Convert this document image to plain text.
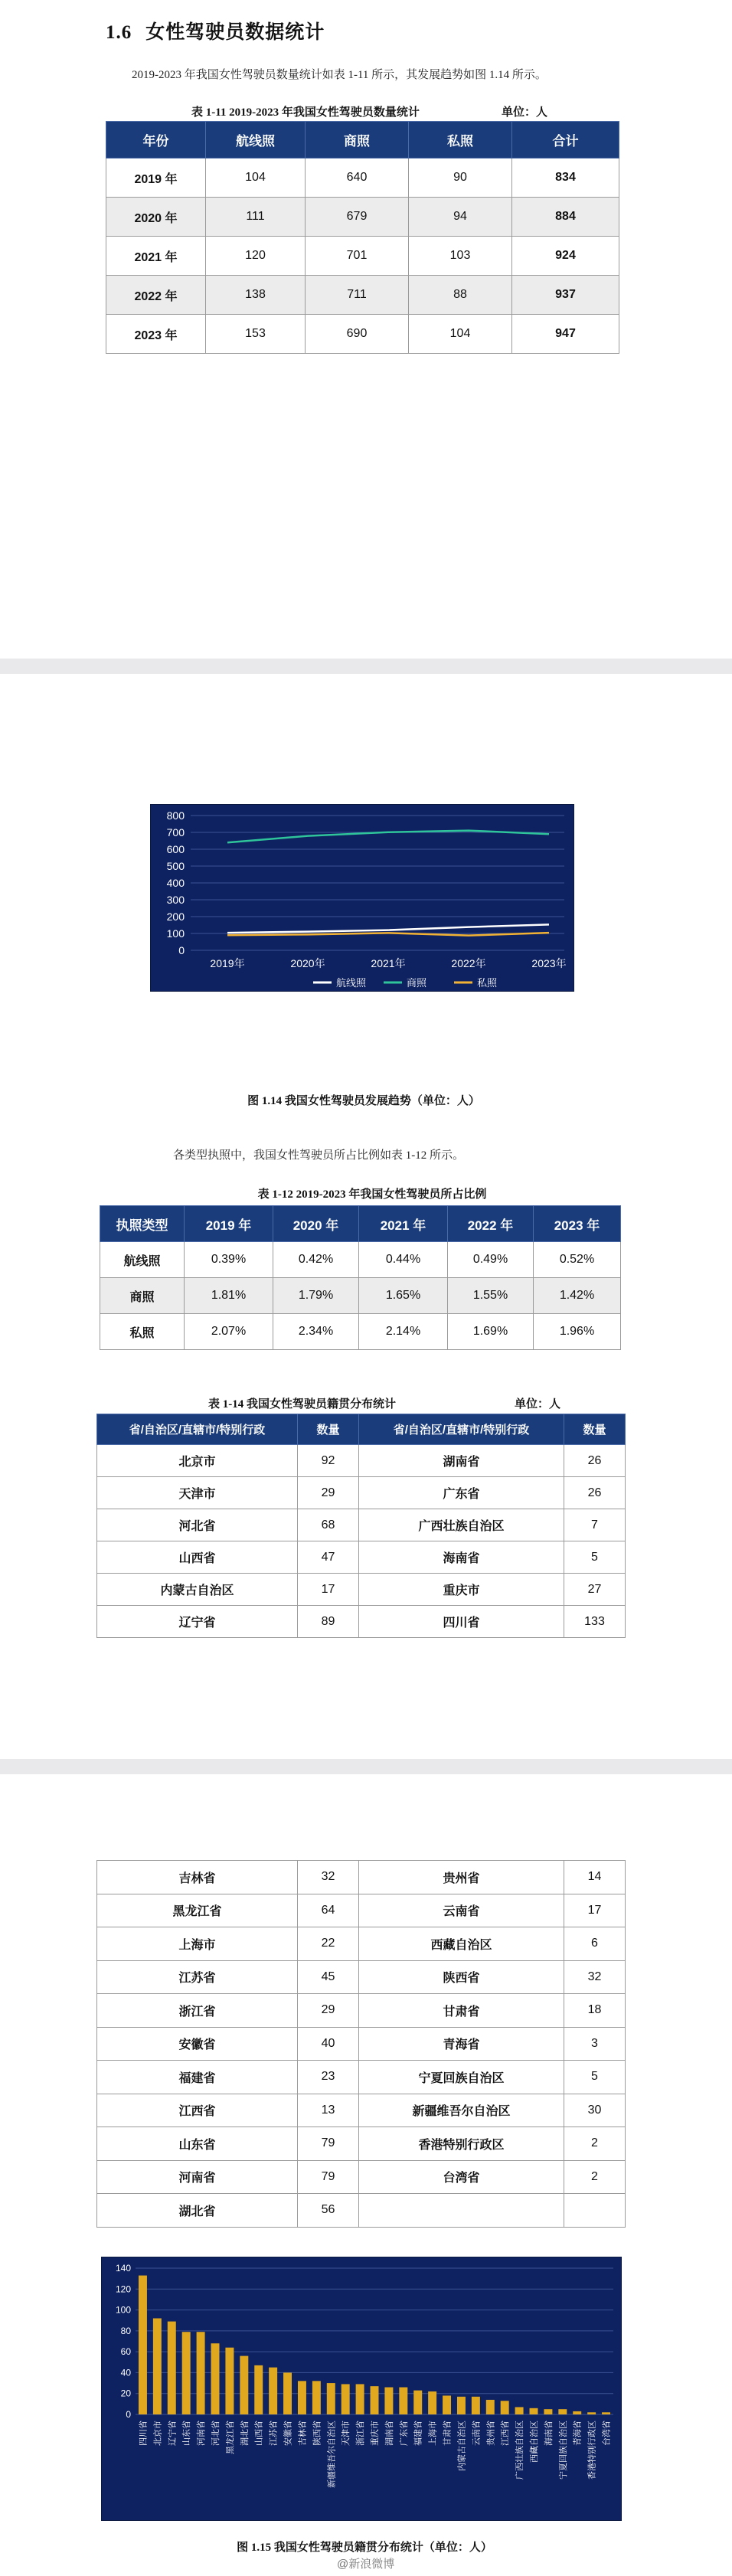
1.6 女性驾驶员数据统计

2019-2023 年我国女性驾驶员数量统计如表 1-11 所示，其发展趋势如图 1.14 所示。

表 1-11 2019-2023 年我国女性驾驶员数量统计	单位：人
年份	航线照	商照	私照	合计
2019 年	104	640	90	834
2020 年	111	679	94	884
2021 年	120	701	103	924
2022 年	138	711	88	937
2023 年	153	690	104	947
0
100
200
300
400
500
600
700
800
2019年	2020年	2021年	2022年	2023年
航线照	商照	私照
图 1.14 我国女性驾驶员发展趋势（单位：人）

各类型执照中，我国女性驾驶员所占比例如表 1-12 所示。

表 1-12 2019-2023 年我国女性驾驶员所占比例
执照类型	2019 年	2020 年	2021 年	2022 年	2023 年
航线照	0.39%	0.42%	0.44%	0.49%	0.52%
商照	1.81%	1.79%	1.65%	1.55%	1.42%
私照	2.07%	2.34%	2.14%	1.69%	1.96%
表 1-14 我国女性驾驶员籍贯分布统计	单位：人
省/自治区/直辖市/特别行政	数量	省/自治区/直辖市/特别行政	数量
北京市	92	湖南省	26
天津市	29	广东省	26
河北省	68	广西壮族自治区	7
山西省	47	海南省	5
内蒙古自治区	17	重庆市	27
辽宁省	89	四川省	133
吉林省	32	贵州省	14
黑龙江省	64	云南省	17
上海市	22	西藏自治区	6
江苏省	45	陕西省	32
浙江省	29	甘肃省	18
安徽省	40	青海省	3
福建省	23	宁夏回族自治区	5
江西省	13	新疆维吾尔自治区	30
山东省	79	香港特别行政区	2
河南省	79	台湾省	2
湖北省	56		
0
20
40
60
80
100
120
140
四川省 北京市 辽宁省 山东省 河南省 河北省 黑龙江省 湖北省 山西省 江苏省 安徽省 吉林省 陕西省 新疆维吾尔自治区 天津市 浙江省 重庆市 湖南省 广东省 福建省 上海市 甘肃省 内蒙古自治区 云南省 贵州省 江西省 广西壮族自治区 西藏自治区 海南省 宁夏回族自治区 青海省 香港特别行政区 台湾省
图 1.15 我国女性驾驶员籍贯分布统计（单位：人）
@新浪微博
